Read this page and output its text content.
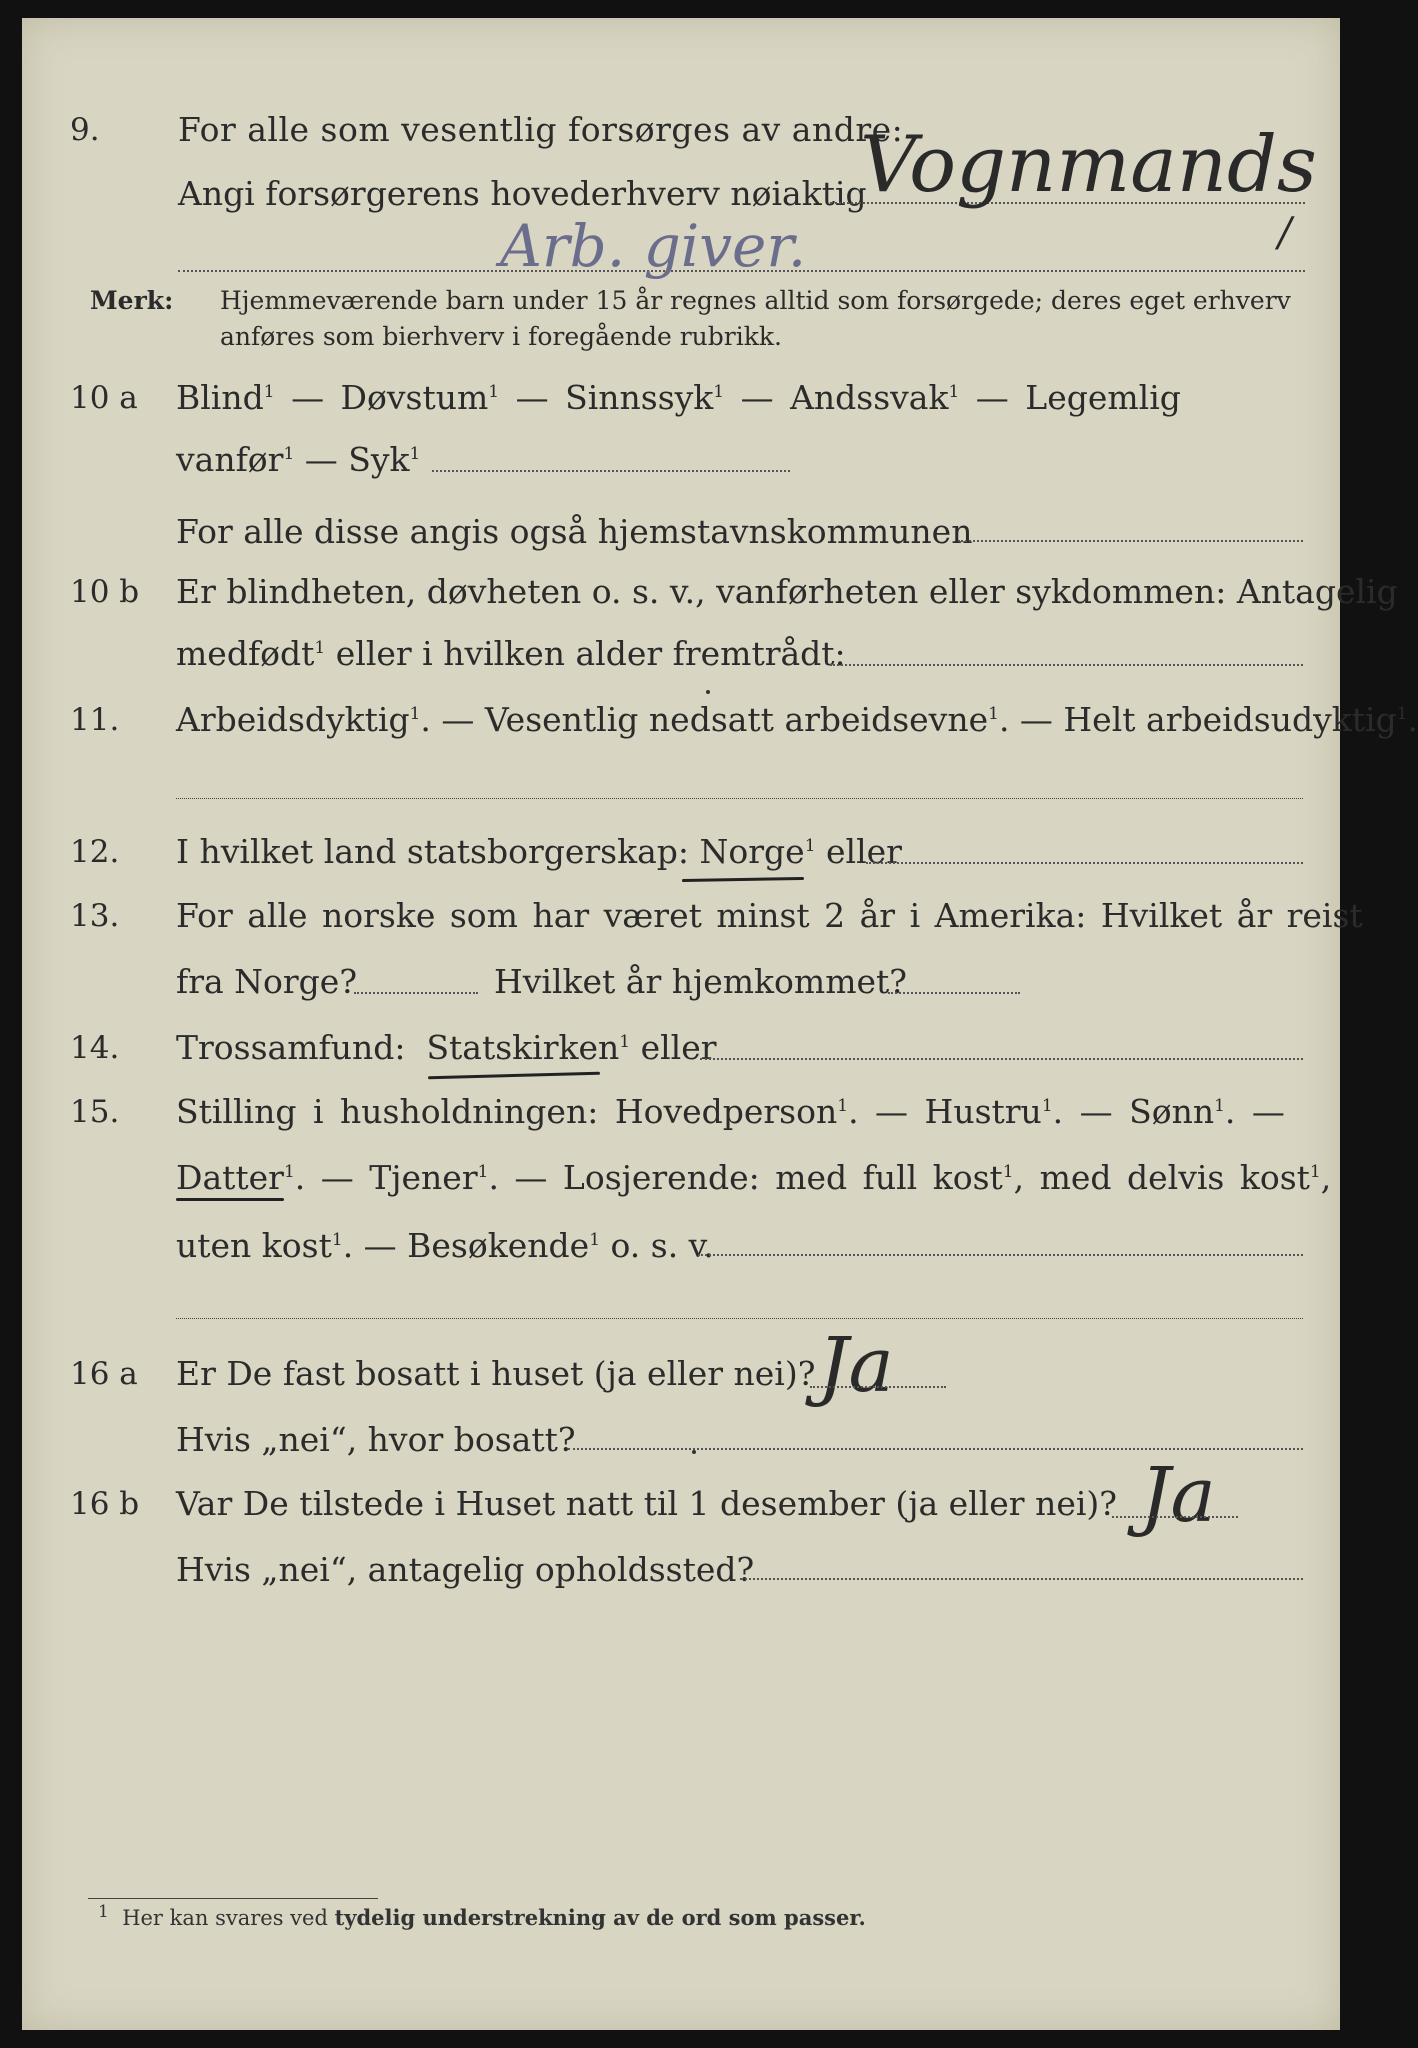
9. For alle som vesentlig forsørges av andre:
Angi forsørgerens hovederhverv nøiaktig
Vognmands
/⁢
Arb. giver.
Merk: Hjemmeværende barn under 15 år regnes alltid som forsørgede; deres eget erhverv
anføres som bierhverv i foregående rubrikk.
10 a Blind$^1$ — Døvstum$^1$ — Sinnssyk$^1$ — Andssvak$^1$ — Legemlig
vanfør$^1$ — Syk$^1$
For alle disse angis også hjemstavnskommunen
10 b Er blindheten, døvheten o. s. v., vanførheten eller sykdommen: Antagelig
medfødt$^1$ eller i hvilken alder fremtrådt:
11. Arbeidsdyktig$^1$. — Vesentlig nedsatt arbeidsevne$^1$. — Helt arbeidsudyktig$^1$.
12. I hvilket land statsborgerskap: Norge$^1$ eller
13. For alle norske som har været minst 2 år i Amerika: Hvilket år reist
fra Norge?	Hvilket år hjemkommet?
14. Trossamfund: Statskirken$^1$ eller
15. Stilling i husholdningen: Hovedperson$^1$. — Hustru$^1$. — Sønn$^1$. —
Datter$^1$. — Tjener$^1$. — Losjerende: med full kost$^1$, med delvis kost$^1$,
uten kost$^1$. — Besøkende$^1$ o. s. v.
16 a Er De fast bosatt i huset (ja eller nei)? Ja
Hvis „nei“, hvor bosatt?
16 b Var De tilstede i Huset natt til 1 desember (ja eller nei)? Ja
Hvis „nei“, antagelig opholdssted?
$^1$ Her kan svares ved tydelig understrekning av de ord som passer.
